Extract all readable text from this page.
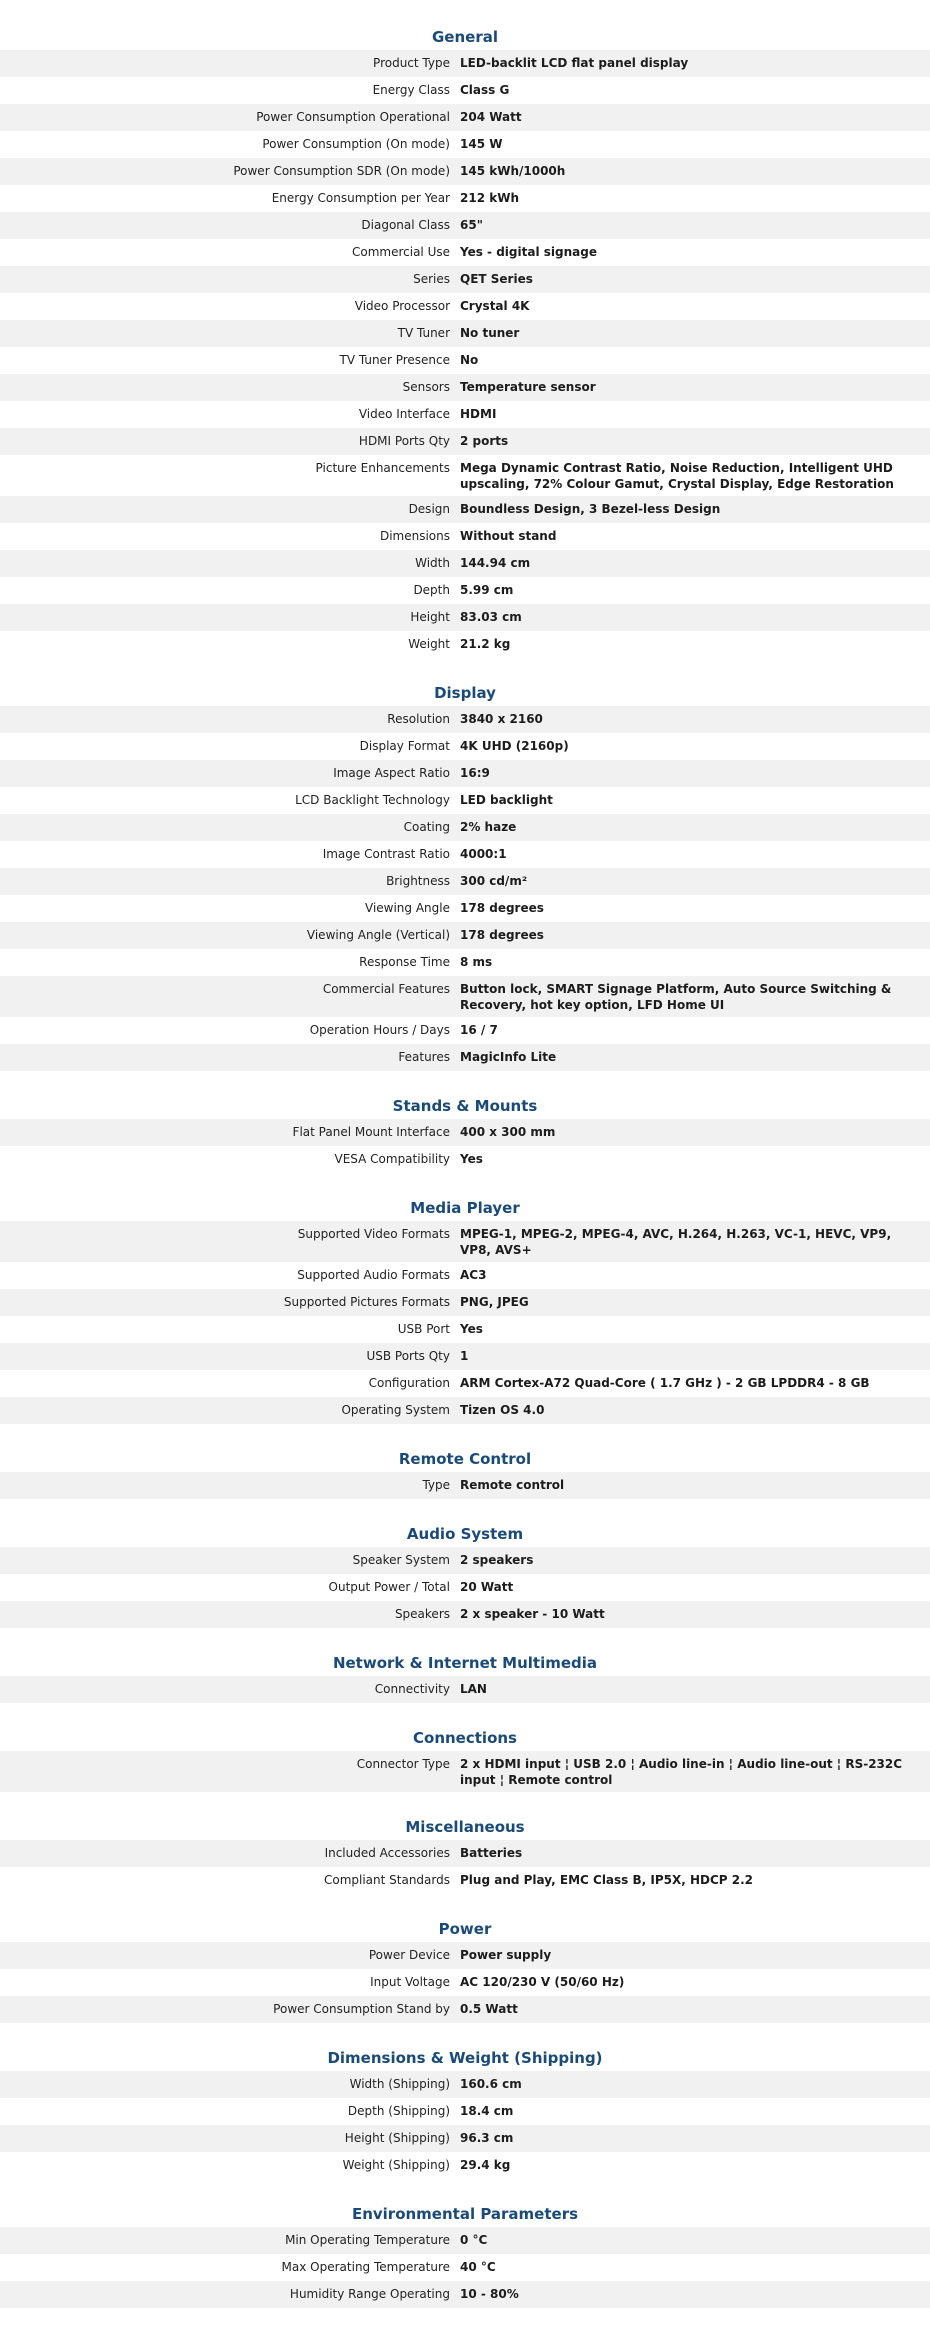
General
Product Type LED-backlit LCD flat panel display
Energy Class Class G
Power Consumption Operational 204 Watt
Power Consumption (On mode) 145 W
Power Consumption SDR (On mode) 145 kWh/1000h
Energy Consumption per Year 212 kWh
Diagonal Class 65"
Commercial Use Yes - digital signage
Series QET Series
Video Processor Crystal 4K
TV Tuner No tuner
TV Tuner Presence No
Sensors Temperature sensor
Video Interface HDMI
HDMI Ports Qty 2 ports
Picture Enhancements Mega Dynamic Contrast Ratio, Noise Reduction, Intelligent UHD upscaling, 72% Colour Gamut, Crystal Display, Edge Restoration
Design Boundless Design, 3 Bezel-less Design
Dimensions Without stand
Width 144.94 cm
Depth 5.99 cm
Height 83.03 cm
Weight 21.2 kg
Display
Resolution 3840 x 2160
Display Format 4K UHD (2160p)
Image Aspect Ratio 16:9
LCD Backlight Technology LED backlight
Coating 2% haze
Image Contrast Ratio 4000:1
Brightness 300 cd/m²
Viewing Angle 178 degrees
Viewing Angle (Vertical) 178 degrees
Response Time 8 ms
Commercial Features Button lock, SMART Signage Platform, Auto Source Switching & Recovery, hot key option, LFD Home UI
Operation Hours / Days 16 / 7
Features MagicInfo Lite
Stands & Mounts
Flat Panel Mount Interface 400 x 300 mm
VESA Compatibility Yes
Media Player
Supported Video Formats MPEG-1, MPEG-2, MPEG-4, AVC, H.264, H.263, VC-1, HEVC, VP9, VP8, AVS+
Supported Audio Formats AC3
Supported Pictures Formats PNG, JPEG
USB Port Yes
USB Ports Qty 1
Configuration ARM Cortex-A72 Quad-Core ( 1.7 GHz ) - 2 GB LPDDR4 - 8 GB
Operating System Tizen OS 4.0
Remote Control
Type Remote control
Audio System
Speaker System 2 speakers
Output Power / Total 20 Watt
Speakers 2 x speaker - 10 Watt
Network & Internet Multimedia
Connectivity LAN
Connections
Connector Type 2 x HDMI input ¦ USB 2.0 ¦ Audio line-in ¦ Audio line-out ¦ RS-232C input ¦ Remote control
Miscellaneous
Included Accessories Batteries
Compliant Standards Plug and Play, EMC Class B, IP5X, HDCP 2.2
Power
Power Device Power supply
Input Voltage AC 120/230 V (50/60 Hz)
Power Consumption Stand by 0.5 Watt
Dimensions & Weight (Shipping)
Width (Shipping) 160.6 cm
Depth (Shipping) 18.4 cm
Height (Shipping) 96.3 cm
Weight (Shipping) 29.4 kg
Environmental Parameters
Min Operating Temperature 0 °C
Max Operating Temperature 40 °C
Humidity Range Operating 10 - 80%
